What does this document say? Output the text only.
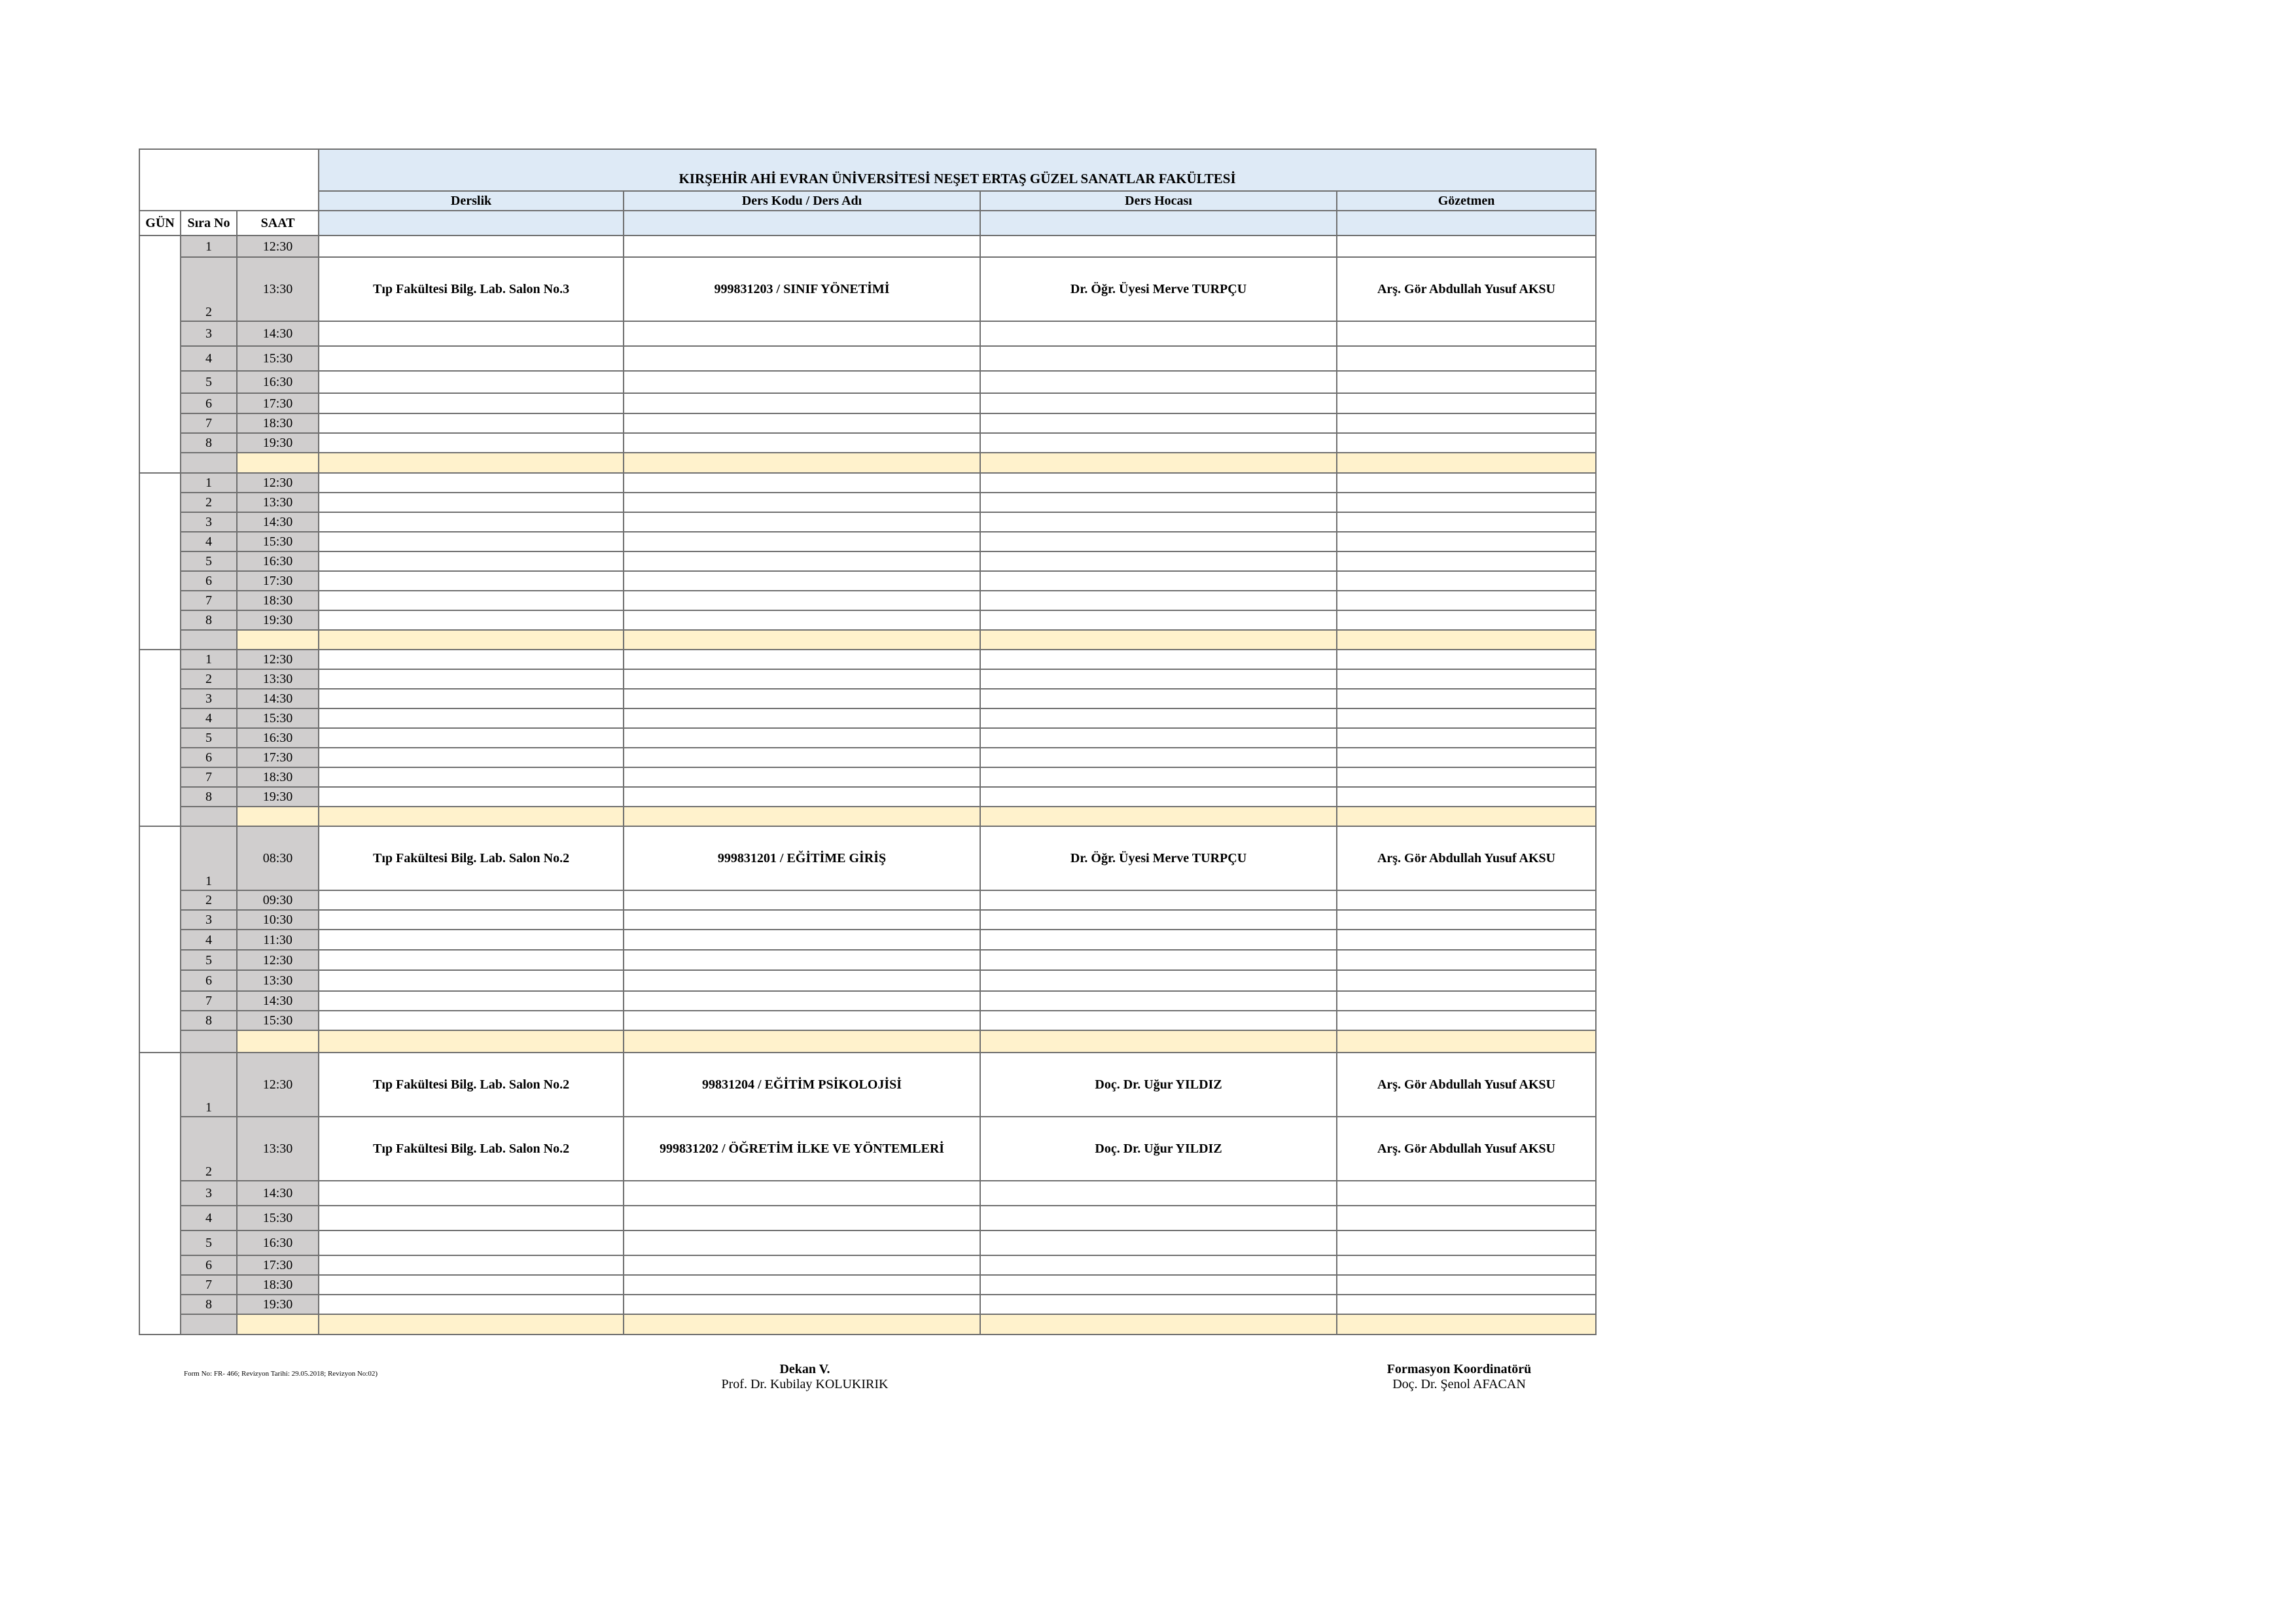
			KIRŞEHİR AHİ EVRAN ÜNİVERSİTESİ NEŞET ERTAŞ GÜZEL SANATLAR FAKÜLTESİ			

			Derslik	Ders Kodu / Ders Adı	Ders Hocası	Gözetmen
GÜN	Sıra No	SAAT				
	1	12:30				
	2	13:30	Tıp Fakültesi Bilg. Lab. Salon No.3	999831203 / SINIF YÖNETİMİ	Dr. Öğr. Üyesi Merve TURPÇU	Arş. Gör Abdullah Yusuf AKSU
	3	14:30				
	4	15:30				
	5	16:30				
	6	17:30				
	7	18:30				
	8	19:30				

	1	12:30				
	2	13:30				
	3	14:30				
	4	15:30				
	5	16:30				
	6	17:30				
	7	18:30				
	8	19:30				

	1	12:30				
	2	13:30				
	3	14:30				
	4	15:30				
	5	16:30				
	6	17:30				
	7	18:30				
	8	19:30				

	1	08:30	Tıp Fakültesi Bilg. Lab. Salon No.2	999831201 / EĞİTİME GİRİŞ	Dr. Öğr. Üyesi Merve TURPÇU	Arş. Gör Abdullah Yusuf AKSU
	2	09:30				
	3	10:30				
	4	11:30				
	5	12:30				
	6	13:30				
	7	14:30				
	8	15:30				

	1	12:30	Tıp Fakültesi Bilg. Lab. Salon No.2	99831204 / EĞİTİM PSİKOLOJİSİ	Doç. Dr. Uğur YILDIZ	Arş. Gör Abdullah Yusuf AKSU
	2	13:30	Tıp Fakültesi Bilg. Lab. Salon No.2	999831202 / ÖĞRETİM İLKE VE YÖNTEMLERİ	Doç. Dr. Uğur YILDIZ	Arş. Gör Abdullah Yusuf AKSU
	3	14:30				
	4	15:30				
	5	16:30				
	6	17:30				
	7	18:30				
	8	19:30				

Form No: FR- 466; Revizyon Tarihi: 29.05.2018; Revizyon No:02)	Dekan V.
Prof. Dr. Kubilay KOLUKIRIK
Formasyon Koordinatörü
Doç. Dr. Şenol AFACAN
